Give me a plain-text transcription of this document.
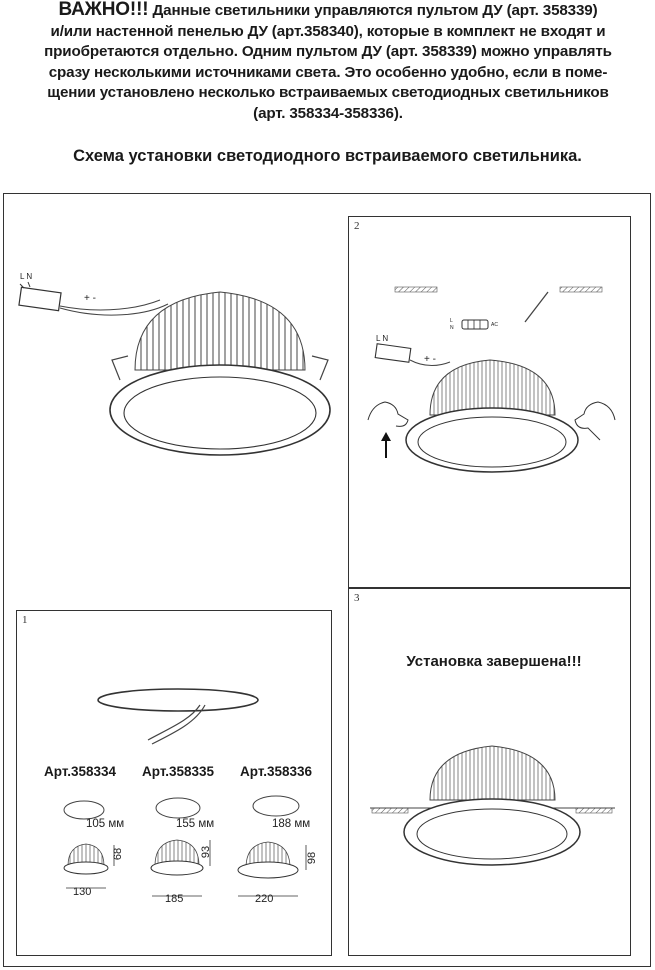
ВАЖНО!!! Данные светильники управляются пультом ДУ (арт. 358339)
и/или настенной пенелью ДУ (арт.358340), которые в комплект не входят и
приобретаются отдельно. Одним пультом ДУ (арт. 358339) можно управлять
сразу несколькими источниками света. Это особенно удобно, если в поме-
щении установлено несколько встраиваемых светодиодных светильников
(арт. 358334-358336).
Схема установки светодиодного встраиваемого светильника.
2
3
1
L N
+ -
L N
+ -
L
N	AC
Установка завершена!!!
Арт.358334 Арт.358335 Арт.358336
105 мм	155 мм	188 мм
68	93	98
130
185	220
